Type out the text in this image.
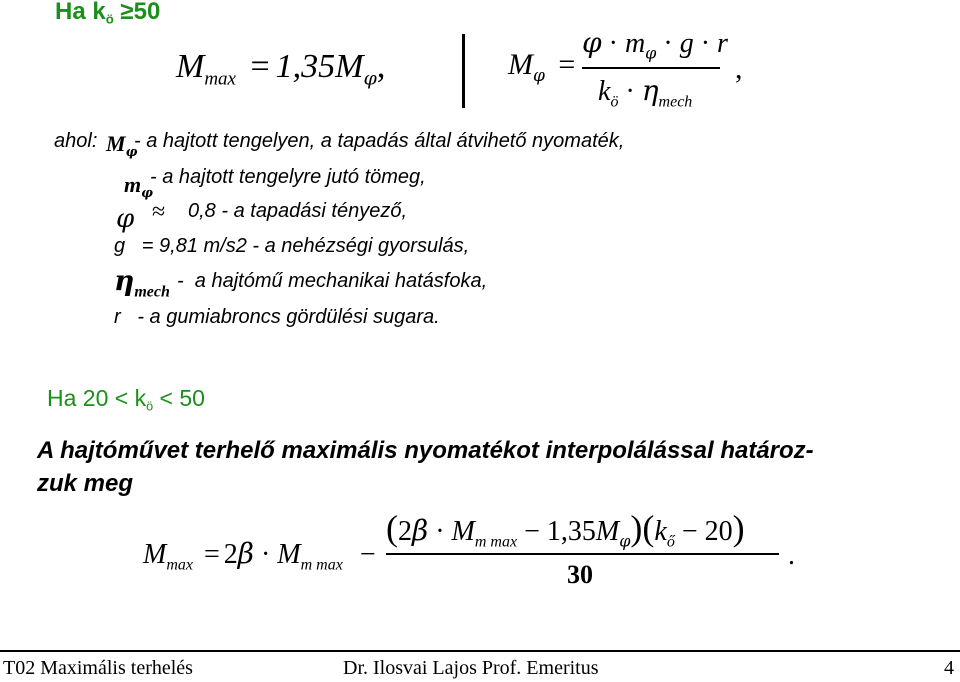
Ha $k_ö \ge 50$
$M_{max} = 1,35M_\varphi$,	$M_\varphi$ =
$\varphi \cdot m_\varphi \cdot g \cdot r$
$k_ö \cdot \eta_{mech}$
,
ahol: $M_\varphi$
- a hajtott tengelyen, a tapadás által átvihető nyomaték,
$m_\varphi$
- a hajtott tengelyre jutó tömeg,
φ ≈ 0,8 - a tapadási tényező,
g   = 9,81 m/s2 - a nehézségi gyorsulás,
$\eta_{mech}$ -  a hajtómű mechanikai hatásfoka,
r   - a gumiabroncs gördülési sugara.
Ha $20 < k_ö < 50$
A hajtóművet terhelő maximális nyomatékot interpolálással határoz-
zuk meg
$M_{max} = 2\beta \cdot M_{m max}$ −
$(2\beta \cdot M_{m max} - 1,35M_\varphi)(k_ő - 20)$
30
.
T02 Maximális terhelés	Dr. Ilosvai Lajos Prof. Emeritus	4
